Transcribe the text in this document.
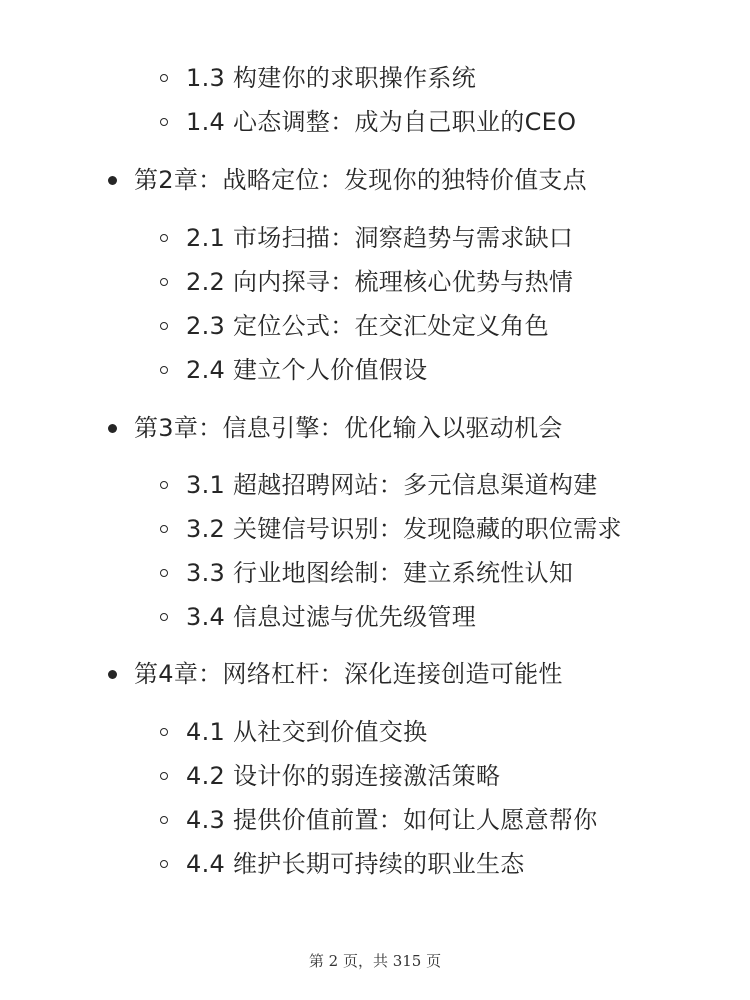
1.3 构建你的求职操作系统
1.4 心态调整：成为自己职业的CEO
第2章：战略定位：发现你的独特价值支点
2.1 市场扫描：洞察趋势与需求缺口
2.2 向内探寻：梳理核心优势与热情
2.3 定位公式：在交汇处定义角色
2.4 建立个人价值假设
第3章：信息引擎：优化输入以驱动机会
3.1 超越招聘网站：多元信息渠道构建
3.2 关键信号识别：发现隐藏的职位需求
3.3 行业地图绘制：建立系统性认知
3.4 信息过滤与优先级管理
第4章：网络杠杆：深化连接创造可能性
4.1 从社交到价值交换
4.2 设计你的弱连接激活策略
4.3 提供价值前置：如何让人愿意帮你
4.4 维护长期可持续的职业生态
第 2 页，共 315 页
